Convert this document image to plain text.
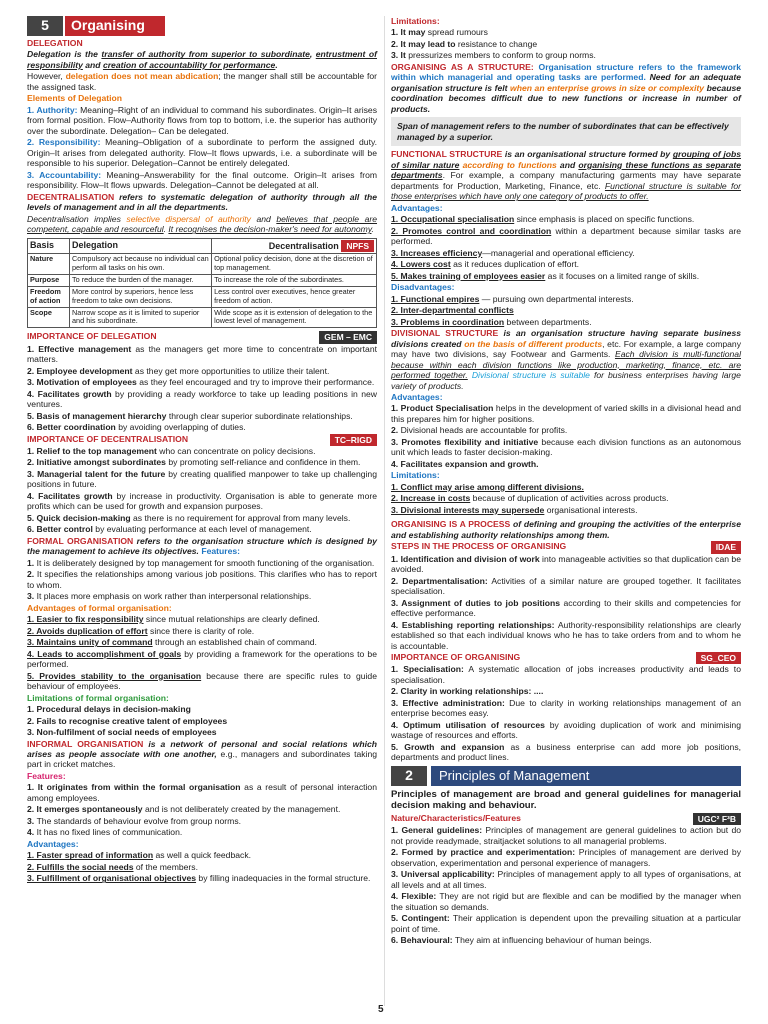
5	Organising

DELEGATION

Delegation is the transfer of authority from superior to subordinate, entrustment of responsibility and creation of accountability for performance.

However, delegation does not mean abdication; the manger shall still be accountable for the assigned task.

Elements of Delegation

1. Authority: Meaning–Right of an individual to command his subordinates. Origin–It arises from formal position. Flow–Authority flows from top to bottom, i.e. the superior has authority over the subordinate. Delegation– Can be delegated.

2. Responsibility: Meaning–Obligation of a subordinate to perform the assigned duty. Origin–It arises from delegated authority. Flow–It flows upwards, i.e. a subordinate will be responsible to his superior. Delegation–Cannot be entirely delegated.

3. Accountability: Meaning–Answerability for the final outcome. Origin–It arises from responsibility. Flow–It flows upwards. Delegation–Cannot be delegated at all.

DECENTRALISATION refers to systematic delegation of authority through all the levels of management and in all the departments.

Decentralisation implies selective dispersal of authority and believes that people are competent, capable and resourceful. It recognises the decision-maker's need for autonomy.

Basis	Delegation	Decentralisation NPFS
Nature	Compulsory act because no individual can perform all tasks on his own.	Optional policy decision, done at the discretion of top management.
Purpose	To reduce the burden of the manager.	To increase the role of the subordinates.
Freedom of action	More control by superiors, hence less freedom to take own decisions.	Less control over executives, hence greater freedom of action.
Scope	Narrow scope as it is limited to superior and his subordinate.	Wide scope as it is extension of delegation to the lowest level of management.
IMPORTANCE OF DELEGATION	GEM – EMC

1. Effective management as the managers get more time to concentrate on important matters.

2. Employee development as they get more opportunities to utilize their talent.

3. Motivation of employees as they feel encouraged and try to improve their performance.

4. Facilitates growth by providing a ready workforce to take up leading positions in new ventures.

5. Basis of management hierarchy through clear superior subordinate relationships.

6. Better coordination by avoiding overlapping of duties.

IMPORTANCE OF DECENTRALISATION	TC–RIGD

1. Relief to the top management who can concentrate on policy decisions.

2. Initiative amongst subordinates by promoting self-reliance and confidence in them.

3. Managerial talent for the future by creating qualified manpower to take up challenging positions in future.

4. Facilitates growth by increase in productivity. Organisation is able to generate more profits which can be used for growth and expansion purposes.

5. Quick decision-making as there is no requirement for approval from many levels.

6. Better control by evaluating performance at each level of management.

FORMAL ORGANISATION refers to the organisation structure which is designed by the management to achieve its objectives. Features:

1. It is deliberately designed by top management for smooth functioning of the organisation.

2. It specifies the relationships among various job positions. This clarifies who has to report to whom.

3. It places more emphasis on work rather than interpersonal relationships.

Advantages of formal organisation:

1. Easier to fix responsibility since mutual relationships are clearly defined.

2. Avoids duplication of effort since there is clarity of role.

3. Maintains unity of command through an established chain of command.

4. Leads to accomplishment of goals by providing a framework for the operations to be performed.

5. Provides stability to the organisation because there are specific rules to guide behaviour of employees.

Limitations of formal organisation:

1. Procedural delays in decision-making

2. Fails to recognise creative talent of employees

3. Non-fulfilment of social needs of employees

INFORMAL ORGANISATION is a network of personal and social relations which arises as people associate with one another, e.g., managers and subordinates taking part in cricket matches.

Features:

1. It originates from within the formal organisation as a result of personal interaction among employees.

2. It emerges spontaneously and is not deliberately created by the management.

3. The standards of behaviour evolve from group norms.

4. It has no fixed lines of communication.

Advantages:

1. Faster spread of information as well a quick feedback.

2. Fulfills the social needs of the members.

3. Fulfillment of organisational objectives by filling inadequacies in the formal structure.

Limitations:

1. It may spread rumours

2. It may lead to resistance to change

3. It pressurizes members to conform to group norms.

ORGANISING AS A STRUCTURE: Organisation structure refers to the framework within which managerial and operating tasks are performed. Need for an adequate organisation structure is felt when an enterprise grows in size or complexity because coordination becomes difficult due to new functions or increase in number of products.

Span of management refers to the number of subordinates that can be effectively managed by a superior.

FUNCTIONAL STRUCTURE is an organisational structure formed by grouping of jobs of similar nature according to functions and organising these functions as separate departments. For example, a company manufacturing garments may have separate departments for Production, Marketing, Finance, etc. Functional structure is suitable for those enterprises which have only one category of products to offer.

Advantages:

1. Occupational specialisation since emphasis is placed on specific functions.

2. Promotes control and coordination within a department because similar tasks are performed.

3. Increases efficiency—managerial and operational efficiency.

4. Lowers cost as it reduces duplication of effort.

5. Makes training of employees easier as it focuses on a limited range of skills.

Disadvantages:

1. Functional empires — pursuing own departmental interests.

2. Inter-departmental conflicts

3. Problems in coordination between departments.

DIVISIONAL STRUCTURE is an organisation structure having separate business divisions created on the basis of different products, etc. For example, a large company may have two divisions, say Footwear and Garments. Each division is multi-functional because within each division functions like production, marketing, finance, etc. are performed together. Divisional structure is suitable for business enterprises having large variety of products.

Advantages:

1. Product Specialisation helps in the development of varied skills in a divisional head and this prepares him for higher positions.

2. Divisional heads are accountable for profits.

3. Promotes flexibility and initiative because each division functions as an autonomous unit which leads to faster decision-making.

4. Facilitates expansion and growth.

Limitations:

1. Conflict may arise among different divisions.

2. Increase in costs because of duplication of activities across products.

3. Divisional interests may supersede organisational interests.

ORGANISING IS A PROCESS of defining and grouping the activities of the enterprise and establishing authority relationships among them.

STEPS IN THE PROCESS OF ORGANISING	IDAE

1. Identification and division of work into manageable activities so that duplication can be avoided.

2. Departmentalisation: Activities of a similar nature are grouped together. It facilitates specialisation.

3. Assignment of duties to job positions according to their skills and competencies for effective performance.

4. Establishing reporting relationships: Authority-responsibility relationships are clearly established so that each individual knows who he has to take orders from and to whom he is accountable.

IMPORTANCE OF ORGANISING	SG_CEO

1. Specialisation: A systematic allocation of jobs increases productivity and leads to specialisation.

2. Clarity in working relationships: ....

3. Effective administration: Due to clarity in working relationships management of an enterprise becomes easy.

4. Optimum utilisation of resources by avoiding duplication of work and minimising wastage of resources and efforts.

5. Growth and expansion as a business enterprise can add more job positions, departments and product lines.

2	Principles of Management

Principles of management are broad and general guidelines for managerial decision making and behaviour.

Nature/Characteristics/Features	UGC² F³B

1. General guidelines: Principles of management are general guidelines to action but do not provide readymade, straitjacket solutions to all managerial problems.

2. Formed by practice and experimentation: Principles of management are derived by observation, experimentation and personal experience of managers.

3. Universal applicability: Principles of management apply to all types of organisations, at all levels and at all times.

4. Flexible: They are not rigid but are flexible and can be modified by the manager when the situation so demands.

5. Contingent: Their application is dependent upon the prevailing situation at a particular point of time.

6. Behavioural: They aim at influencing behaviour of human beings.

5
